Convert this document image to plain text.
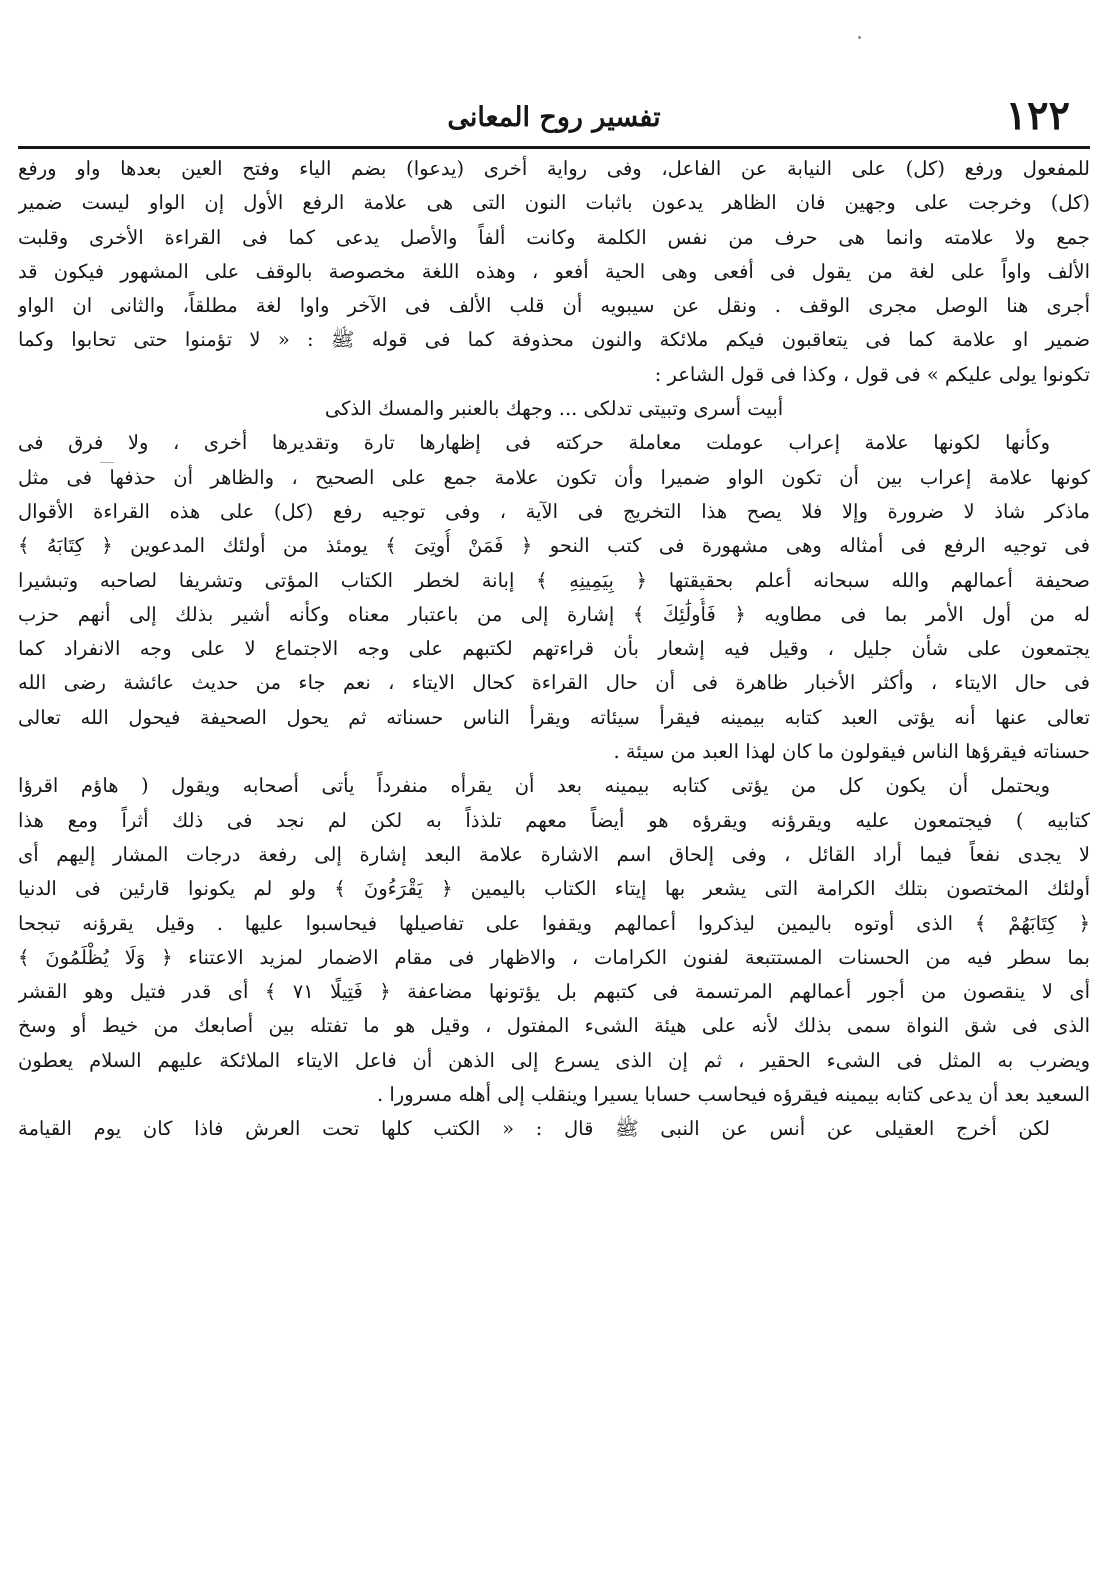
١٢٢
تفسير روح المعانى
للمفعول ورفع (كل) على النيابة عن الفاعل، وفى رواية أخرى (يدعوا) بضم الياء وفتح العين بعدها واو ورفع
(كل) وخرجت على وجهين فان الظاهر يدعون باثبات النون التى هى علامة الرفع الأول إن الواو ليست ضمير
جمع ولا علامته وانما هى حرف من نفس الكلمة وكانت ألفاً والأصل يدعى كما فى القراءة الأخرى وقلبت
الألف واواً على لغة من يقول فى أفعى وهى الحية أفعو ، وهذه اللغة مخصوصة بالوقف على المشهور فيكون قد
أجرى هنا الوصل مجرى الوقف . ونقل عن سيبويه أن قلب الألف فى الآخر واوا لغة مطلقاً، والثانى ان الواو
ضمير او علامة كما فى يتعاقبون فيكم ملائكة والنون محذوفة كما فى قوله ﷺ : « لا تؤمنوا حتى تحابوا وكما
تكونوا يولى عليكم » فى قول ، وكذا فى قول الشاعر :
أبيت أسرى وتبيتى تدلكى ... وجهك بالعنبر والمسك الذكى
وكأنها لكونها علامة إعراب عوملت معاملة حركته فى إظهارها تارة وتقديرها أخرى ، ولا فرق فى
كونها علامة إعراب بين أن تكون الواو ضميرا وأن تكون علامة جمع على الصحيح ، والظاهر أن حذفها فى مثل
ماذكر شاذ لا ضرورة وإلا فلا يصح هذا التخريج فى الآية ، وفى توجيه رفع (كل) على هذه القراءة الأقوال
فى توجيه الرفع فى أمثاله وهى مشهورة فى كتب النحو ﴿ فَمَنْ أُوتِىَ ﴾ يومئذ من أولئك المدعوين ﴿ كِتَابَهُ ﴾
صحيفة أعمالهم والله سبحانه أعلم بحقيقتها ﴿ بِيَمِينِهِ ﴾ إبانة لخطر الكتاب المؤتى وتشريفا لصاحبه وتبشيرا
له من أول الأمر بما فى مطاويه ﴿ فَأُولَٰئِكَ ﴾ إشارة إلى من باعتبار معناه وكأنه أشير بذلك إلى أنهم حزب
يجتمعون على شأن جليل ، وقيل فيه إشعار بأن قراءتهم لكتبهم على وجه الاجتماع لا على وجه الانفراد كما
فى حال الايتاء ، وأكثر الأخبار ظاهرة فى أن حال القراءة كحال الايتاء ، نعم جاء من حديث عائشة رضى الله
تعالى عنها أنه يؤتى العبد كتابه بيمينه فيقرأ سيئاته ويقرأ الناس حسناته ثم يحول الصحيفة فيحول الله تعالى
حسناته فيقرؤها الناس فيقولون ما كان لهذا العبد من سيئة .
ويحتمل أن يكون كل من يؤتى كتابه بيمينه بعد أن يقرأه منفرداً يأتى أصحابه ويقول ( هاؤم اقرؤا
كتابيه ) فيجتمعون عليه ويقرؤنه ويقرؤه هو أيضاً معهم تلذذاً به لكن لم نجد فى ذلك أثراً ومع هذا
لا يجدى نفعاً فيما أراد القائل ، وفى إلحاق اسم الاشارة علامة البعد إشارة إلى رفعة درجات المشار إليهم أى
أولئك المختصون بتلك الكرامة التى يشعر بها إيتاء الكتاب باليمين ﴿ يَقْرَءُونَ ﴾ ولو لم يكونوا قارئين فى الدنيا
﴿ كِتَابَهُمْ ﴾ الذى أوتوه باليمين ليذكروا أعمالهم ويقفوا على تفاصيلها فيحاسبوا عليها . وقيل يقرؤنه تبجحا
بما سطر فيه من الحسنات المستتبعة لفنون الكرامات ، والاظهار فى مقام الاضمار لمزيد الاعتناء ﴿ وَلَا يُظْلَمُونَ ﴾
أى لا ينقصون من أجور أعمالهم المرتسمة فى كتبهم بل يؤتونها مضاعفة ﴿ فَتِيلًا ٧١ ﴾ أى قدر فتيل وهو القشر
الذى فى شق النواة سمى بذلك لأنه على هيئة الشىء المفتول ، وقيل هو ما تفتله بين أصابعك من خيط أو وسخ
ويضرب به المثل فى الشىء الحقير ، ثم إن الذى يسرع إلى الذهن أن فاعل الايتاء الملائكة عليهم السلام يعطون
السعيد بعد أن يدعى كتابه بيمينه فيقرؤه فيحاسب حسابا يسيرا وينقلب إلى أهله مسرورا .
لكن أخرج العقيلى عن أنس عن النبى ﷺ قال : « الكتب كلها تحت العرش فاذا كان يوم القيامة
